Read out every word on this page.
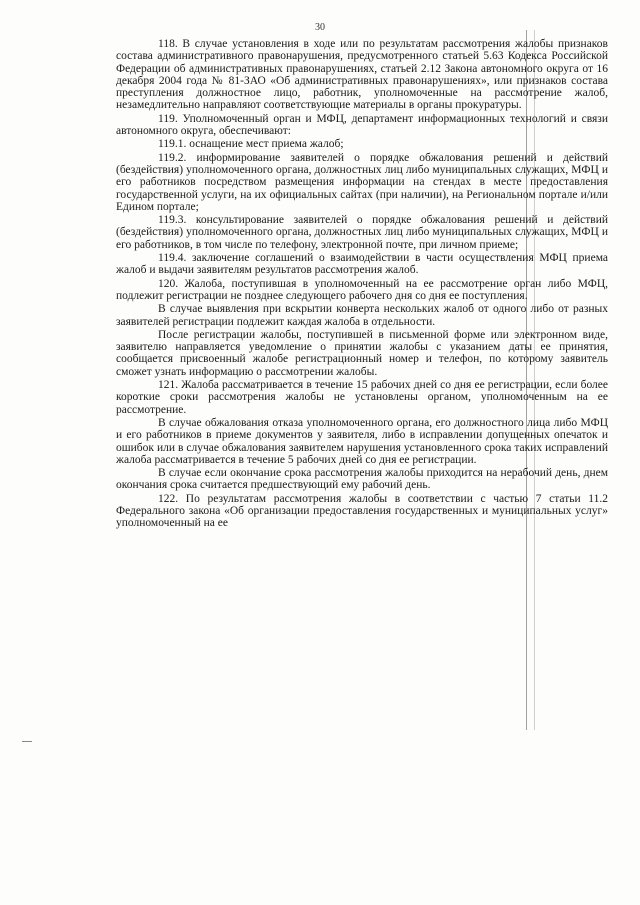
30

118. В случае установления в ходе или по результатам рассмотрения жалобы признаков состава административного правонарушения, предусмотренного статьей 5.63 Кодекса Российской Федерации об административных правонарушениях, статьей 2.12 Закона автономного округа от 16 декабря 2004 года № 81-ЗАО «Об административных правонарушениях», или признаков состава преступления должностное лицо, работник, уполномоченные на рассмотрение жалоб, незамедлительно направляют соответствующие материалы в органы прокуратуры.

119. Уполномоченный орган и МФЦ, департамент информационных технологий и связи автономного округа, обеспечивают:

119.1. оснащение мест приема жалоб;

119.2. информирование заявителей о порядке обжалования решений и действий (бездействия) уполномоченного органа, должностных лиц либо муниципальных служащих, МФЦ и его работников посредством размещения информации на стендах в месте предоставления государственной услуги, на их официальных сайтах (при наличии), на Региональном портале и/или Едином портале;

119.3. консультирование заявителей о порядке обжалования решений и действий (бездействия) уполномоченного органа, должностных лиц либо муниципальных служащих, МФЦ и его работников, в том числе по телефону, электронной почте, при личном приеме;

119.4. заключение соглашений о взаимодействии в части осуществления МФЦ приема жалоб и выдачи заявителям результатов рассмотрения жалоб.

120. Жалоба, поступившая в уполномоченный на ее рассмотрение орган либо МФЦ, подлежит регистрации не позднее следующего рабочего дня со дня ее поступления.

В случае выявления при вскрытии конверта нескольких жалоб от одного либо от разных заявителей регистрации подлежит каждая жалоба в отдельности.

После регистрации жалобы, поступившей в письменной форме или электронном виде, заявителю направляется уведомление о принятии жалобы с указанием даты ее принятия, сообщается присвоенный жалобе регистрационный номер и телефон, по которому заявитель сможет узнать информацию о рассмотрении жалобы.

121. Жалоба рассматривается в течение 15 рабочих дней со дня ее регистрации, если более короткие сроки рассмотрения жалобы не установлены органом, уполномоченным на ее рассмотрение.

В случае обжалования отказа уполномоченного органа, его должностного лица либо МФЦ и его работников в приеме документов у заявителя, либо в исправлении допущенных опечаток и ошибок или в случае обжалования заявителем нарушения установленного срока таких исправлений жалоба рассматривается в течение 5 рабочих дней со дня ее регистрации.

В случае если окончание срока рассмотрения жалобы приходится на нерабочий день, днем окончания срока считается предшествующий ему рабочий день.

122. По результатам рассмотрения жалобы в соответствии с частью 7 статьи 11.2 Федерального закона «Об организации предоставления государственных и муниципальных услуг» уполномоченный на ее
